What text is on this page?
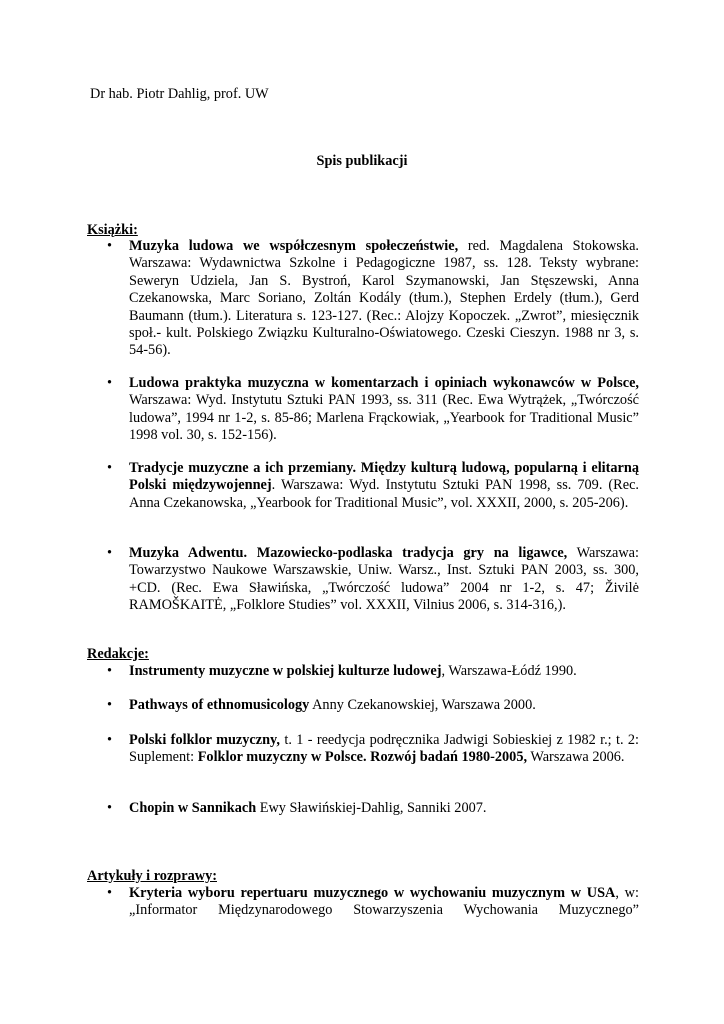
Dr hab. Piotr Dahlig, prof. UW
Spis publikacji
Książki:
•	Muzyka ludowa we współczesnym społeczeństwie, red. Magdalena Stokowska. Warszawa: Wydawnictwa Szkolne i Pedagogiczne 1987, ss. 128. Teksty wybrane: Seweryn Udziela, Jan S. Bystroń, Karol Szymanowski, Jan Stęszewski, Anna Czekanowska, Marc Soriano, Zoltán Kodály (tłum.), Stephen Erdely (tłum.), Gerd Baumann (tłum.). Literatura s. 123-127. (Rec.: Alojzy Kopoczek. „Zwrot”, miesięcznik społ.- kult. Polskiego Związku Kulturalno-Oświatowego. Czeski Cieszyn. 1988 nr 3, s. 54-56).
•	Ludowa praktyka muzyczna w komentarzach i opiniach wykonawców w Polsce, Warszawa: Wyd. Instytutu Sztuki PAN 1993, ss. 311 (Rec. Ewa Wytrążek, „Twórczość ludowa”, 1994 nr 1-2, s. 85-86; Marlena Frąckowiak, „Yearbook for Traditional Music” 1998 vol. 30, s. 152-156).
•	Tradycje muzyczne a ich przemiany. Między kulturą ludową, popularną i elitarną Polski międzywojennej. Warszawa: Wyd. Instytutu Sztuki PAN 1998, ss. 709. (Rec. Anna Czekanowska, „Yearbook for Traditional Music”, vol. XXXII, 2000, s. 205-206).
•	Muzyka Adwentu. Mazowiecko-podlaska tradycja gry na ligawce, Warszawa: Towarzystwo Naukowe Warszawskie, Uniw. Warsz., Inst. Sztuki PAN 2003, ss. 300, +CD. (Rec. Ewa Sławińska, „Twórczość ludowa” 2004 nr 1-2, s. 47; Živilė RAMOŠKAITĖ, „Folklore Studies” vol. XXXII, Vilnius 2006, s. 314-316,).
Redakcje:
•	Instrumenty muzyczne w polskiej kulturze ludowej, Warszawa-Łódź 1990.
•	Pathways of ethnomusicology Anny Czekanowskiej, Warszawa 2000.
•	Polski folklor muzyczny, t. 1 - reedycja podręcznika Jadwigi Sobieskiej z 1982 r.; t. 2: Suplement: Folklor muzyczny w Polsce. Rozwój badań 1980-2005, Warszawa 2006.
•	Chopin w Sannikach Ewy Sławińskiej-Dahlig, Sanniki 2007.
Artykuły i rozprawy:
•	Kryteria wyboru repertuaru muzycznego w wychowaniu muzycznym w USA, w: „Informator Międzynarodowego Stowarzyszenia Wychowania Muzycznego”
